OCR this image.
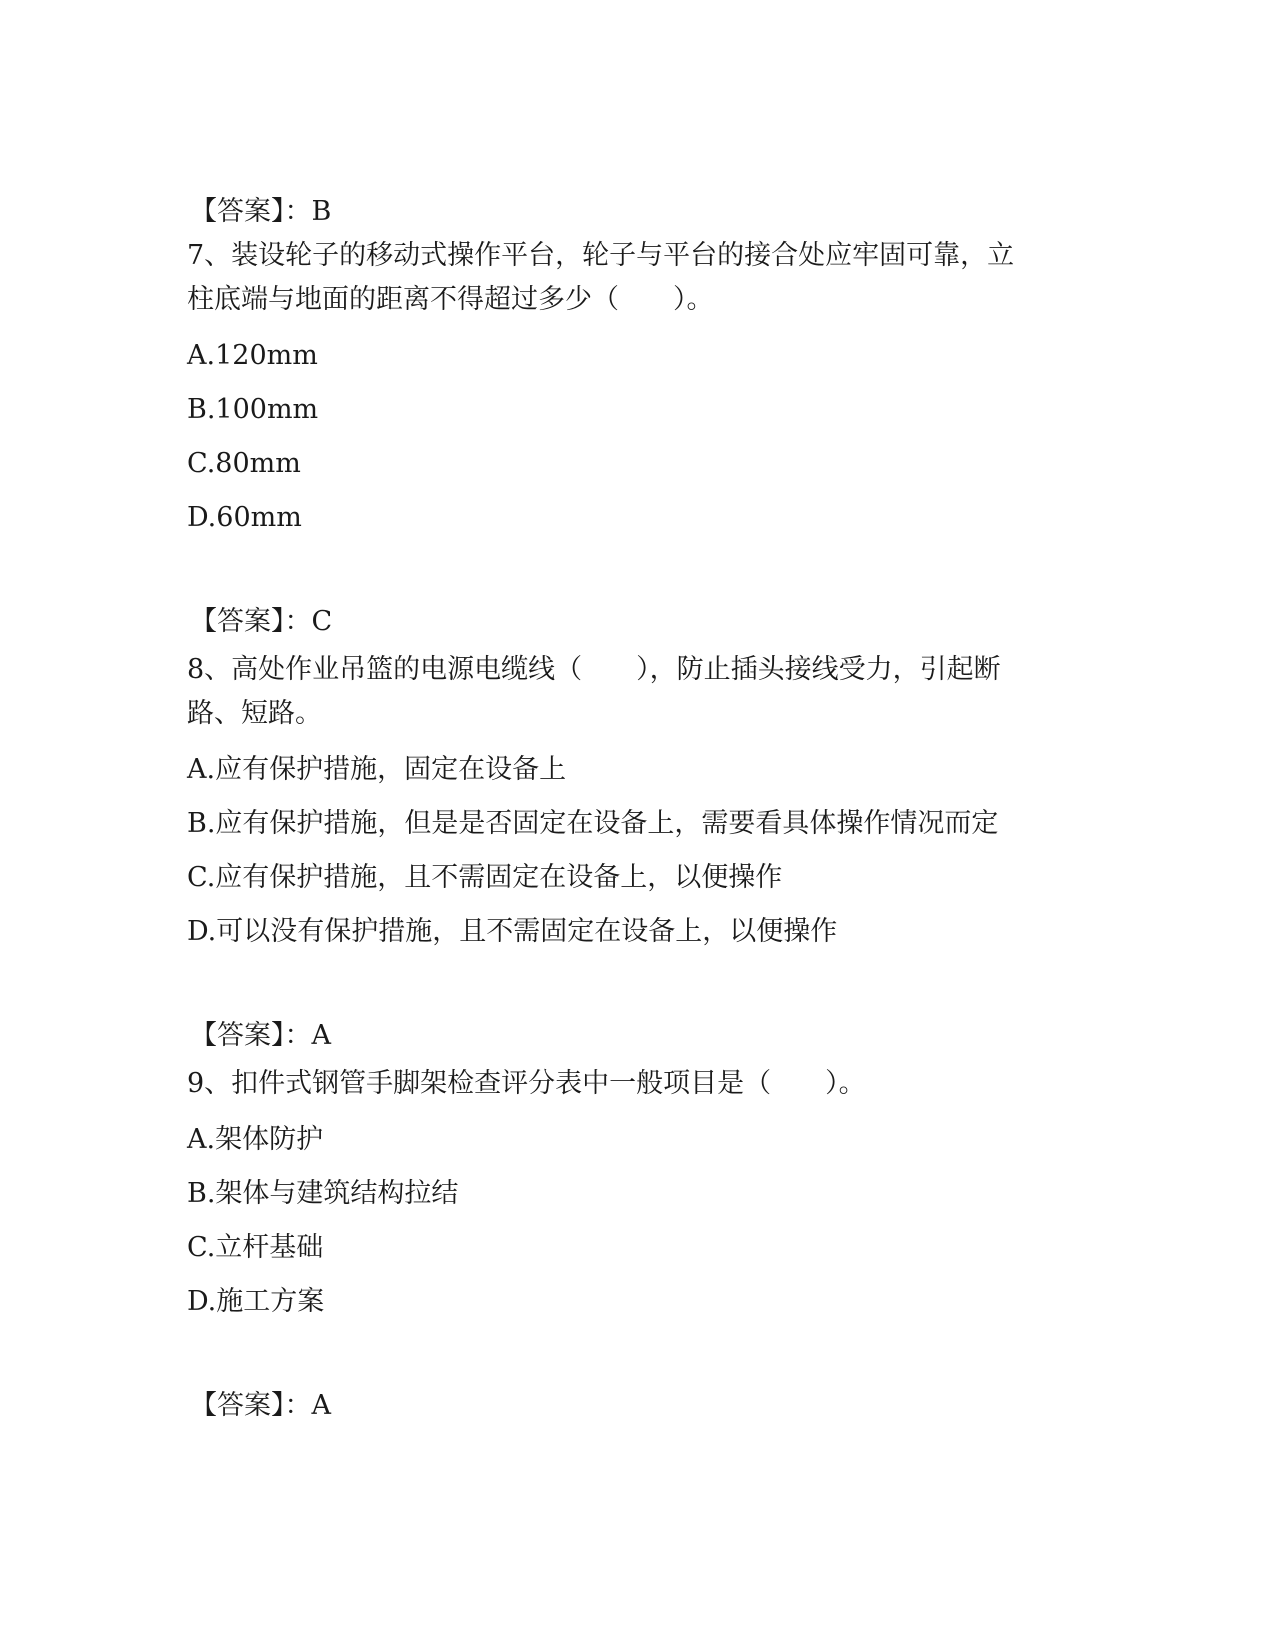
【答案】：B
7、装设轮子的移动式操作平台，轮子与平台的接合处应牢固可靠，立
柱底端与地面的距离不得超过多少（　　）。
A.120mm
B.100mm
C.80mm
D.60mm
【答案】：C
8、高处作业吊篮的电源电缆线（　　），防止插头接线受力，引起断
路、短路。
A.应有保护措施，固定在设备上
B.应有保护措施，但是是否固定在设备上，需要看具体操作情况而定
C.应有保护措施，且不需固定在设备上，以便操作
D.可以没有保护措施，且不需固定在设备上，以便操作
【答案】：A
9、扣件式钢管手脚架检查评分表中一般项目是（　　）。
A.架体防护
B.架体与建筑结构拉结
C.立杆基础
D.施工方案
【答案】：A
